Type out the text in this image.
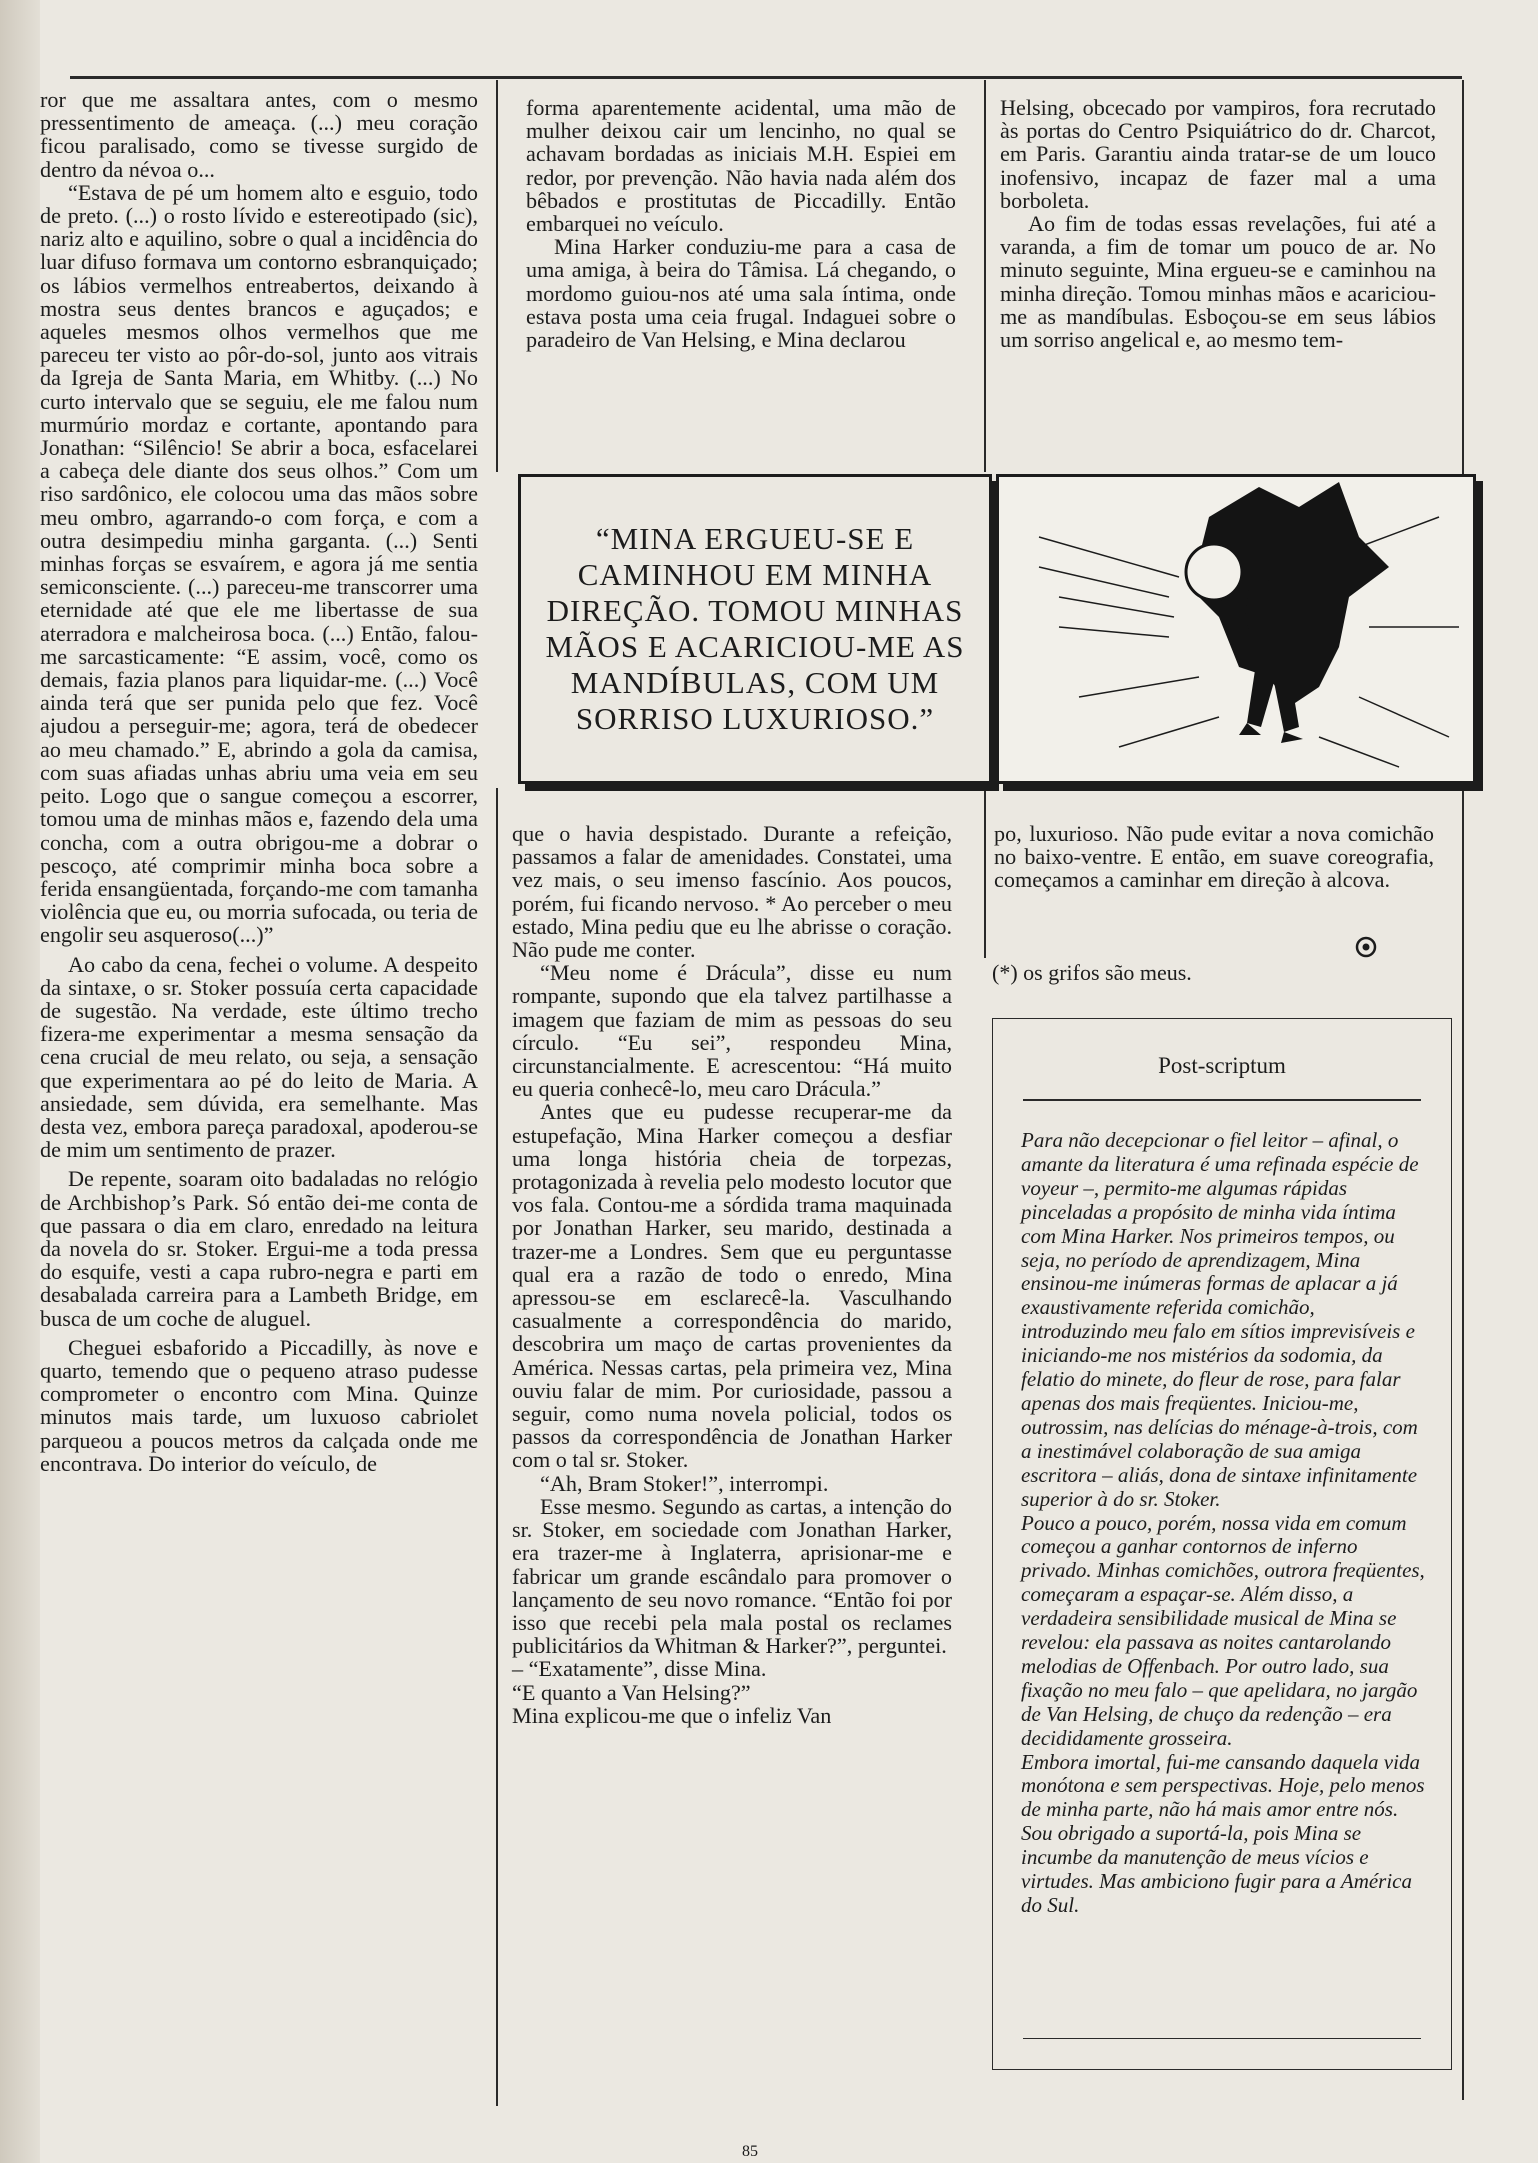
ror que me assaltara antes, com o mesmo pressentimento de ameaça. (...) meu coração ficou paralisado, como se tivesse surgido de dentro da névoa o...

“Estava de pé um homem alto e esguio, todo de preto. (...) o rosto lívido e estereotipado (sic), nariz alto e aquilino, sobre o qual a incidência do luar difuso formava um contorno esbranquiçado; os lábios vermelhos entreabertos, deixando à mostra seus dentes brancos e aguçados; e aqueles mesmos olhos vermelhos que me pareceu ter visto ao pôr-do-sol, junto aos vitrais da Igreja de Santa Maria, em Whitby. (...) No curto intervalo que se seguiu, ele me falou num murmúrio mordaz e cortante, apontando para Jonathan: “Silêncio! Se abrir a boca, esfacelarei a cabeça dele diante dos seus olhos.” Com um riso sardônico, ele colocou uma das mãos sobre meu ombro, agarrando-o com força, e com a outra desimpediu minha garganta. (...) Senti minhas forças se esvaírem, e agora já me sentia semiconsciente. (...) pareceu-me transcorrer uma eternidade até que ele me libertasse de sua aterradora e malcheirosa boca. (...) Então, falou-me sarcasticamente: “E assim, você, como os demais, fazia planos para liquidar-me. (...) Você ainda terá que ser punida pelo que fez. Você ajudou a perseguir-me; agora, terá de obedecer ao meu chamado.” E, abrindo a gola da camisa, com suas afiadas unhas abriu uma veia em seu peito. Logo que o sangue começou a escorrer, tomou uma de minhas mãos e, fazendo dela uma concha, com a outra obrigou-me a dobrar o pescoço, até comprimir minha boca sobre a ferida ensangüentada, forçando-me com tamanha violência que eu, ou morria sufocada, ou teria de engolir seu asqueroso(...)”

Ao cabo da cena, fechei o volume. A despeito da sintaxe, o sr. Stoker possuía certa capacidade de sugestão. Na verdade, este último trecho fizera-me experimentar a mesma sensação da cena crucial de meu relato, ou seja, a sensação que experimentara ao pé do leito de Maria. A ansiedade, sem dúvida, era semelhante. Mas desta vez, embora pareça paradoxal, apoderou-se de mim um sentimento de prazer.

De repente, soaram oito badaladas no relógio de Archbishop’s Park. Só então dei-me conta de que passara o dia em claro, enredado na leitura da novela do sr. Stoker. Ergui-me a toda pressa do esquife, vesti a capa rubro-negra e parti em desabalada carreira para a Lambeth Bridge, em busca de um coche de aluguel.

Cheguei esbaforido a Piccadilly, às nove e quarto, temendo que o pequeno atraso pudesse comprometer o encontro com Mina. Quinze minutos mais tarde, um luxuoso cabriolet parqueou a poucos metros da calçada onde me encontrava. Do interior do veículo, de

forma aparentemente acidental, uma mão de mulher deixou cair um lencinho, no qual se achavam bordadas as iniciais M.H. Espiei em redor, por prevenção. Não havia nada além dos bêbados e prostitutas de Piccadilly. Então embarquei no veículo.

Mina Harker conduziu-me para a casa de uma amiga, à beira do Tâmisa. Lá chegando, o mordomo guiou-nos até uma sala íntima, onde estava posta uma ceia frugal. Indaguei sobre o paradeiro de Van Helsing, e Mina declarou

Helsing, obcecado por vampiros, fora recrutado às portas do Centro Psiquiátrico do dr. Charcot, em Paris. Garantiu ainda tratar-se de um louco inofensivo, incapaz de fazer mal a uma borboleta.

Ao fim de todas essas revelações, fui até a varanda, a fim de tomar um pouco de ar. No minuto seguinte, Mina ergueu-se e caminhou na minha direção. Tomou minhas mãos e acariciou-me as mandíbulas. Esboçou-se em seus lábios um sorriso angelical e, ao mesmo tem-

“MINA ERGUEU-SE E CAMINHOU EM MINHA DIREÇÃO. TOMOU MINHAS MÃOS E ACARICIOU-ME AS MANDÍBULAS, COM UM SORRISO LUXURIOSO.”

que o havia despistado. Durante a refeição, passamos a falar de amenidades. Constatei, uma vez mais, o seu imenso fascínio. Aos poucos, porém, fui ficando nervoso. * Ao perceber o meu estado, Mina pediu que eu lhe abrisse o coração. Não pude me conter.

“Meu nome é Drácula”, disse eu num rompante, supondo que ela talvez partilhasse a imagem que faziam de mim as pessoas do seu círculo. “Eu sei”, respondeu Mina, circunstancialmente. E acrescentou: “Há muito eu queria conhecê-lo, meu caro Drácula.”

Antes que eu pudesse recuperar-me da estupefação, Mina Harker começou a desfiar uma longa história cheia de torpezas, protagonizada à revelia pelo modesto locutor que vos fala. Contou-me a sórdida trama maquinada por Jonathan Harker, seu marido, destinada a trazer-me a Londres. Sem que eu perguntasse qual era a razão de todo o enredo, Mina apressou-se em esclarecê-la. Vasculhando casualmente a correspondência do marido, descobrira um maço de cartas provenientes da América. Nessas cartas, pela primeira vez, Mina ouviu falar de mim. Por curiosidade, passou a seguir, como numa novela policial, todos os passos da correspondência de Jonathan Harker com o tal sr. Stoker.

“Ah, Bram Stoker!”, interrompi.

Esse mesmo. Segundo as cartas, a intenção do sr. Stoker, em sociedade com Jonathan Harker, era trazer-me à Inglaterra, aprisionar-me e fabricar um grande escândalo para promover o lançamento de seu novo romance. “Então foi por isso que recebi pela mala postal os reclames publicitários da Whitman & Harker?”, perguntei.

– “Exatamente”, disse Mina.

“E quanto a Van Helsing?”

Mina explicou-me que o infeliz Van

po, luxurioso. Não pude evitar a nova comichão no baixo-ventre. E então, em suave coreografia, começamos a caminhar em direção à alcova.

(*) os grifos são meus.
Post-scriptum

Para não decepcionar o fiel leitor – afinal, o amante da literatura é uma refinada espécie de voyeur –, permito-me algumas rápidas pinceladas a propósito de minha vida íntima com Mina Harker. Nos primeiros tempos, ou seja, no período de aprendizagem, Mina ensinou-me inúmeras formas de aplacar a já exaustivamente referida comichão, introduzindo meu falo em sítios imprevisíveis e iniciando-me nos mistérios da sodomia, da felatio do minete, do fleur de rose, para falar apenas dos mais freqüentes. Iniciou-me, outrossim, nas delícias do ménage-à-trois, com a inestimável colaboração de sua amiga escritora – aliás, dona de sintaxe infinitamente superior à do sr. Stoker.

Pouco a pouco, porém, nossa vida em comum começou a ganhar contornos de inferno privado. Minhas comichões, outrora freqüentes, começaram a espaçar-se. Além disso, a verdadeira sensibilidade musical de Mina se revelou: ela passava as noites cantarolando melodias de Offenbach. Por outro lado, sua fixação no meu falo – que apelidara, no jargão de Van Helsing, de chuço da redenção – era decididamente grosseira.

Embora imortal, fui-me cansando daquela vida monótona e sem perspectivas. Hoje, pelo menos de minha parte, não há mais amor entre nós. Sou obrigado a suportá-la, pois Mina se incumbe da manutenção de meus vícios e virtudes. Mas ambiciono fugir para a América do Sul.

85
